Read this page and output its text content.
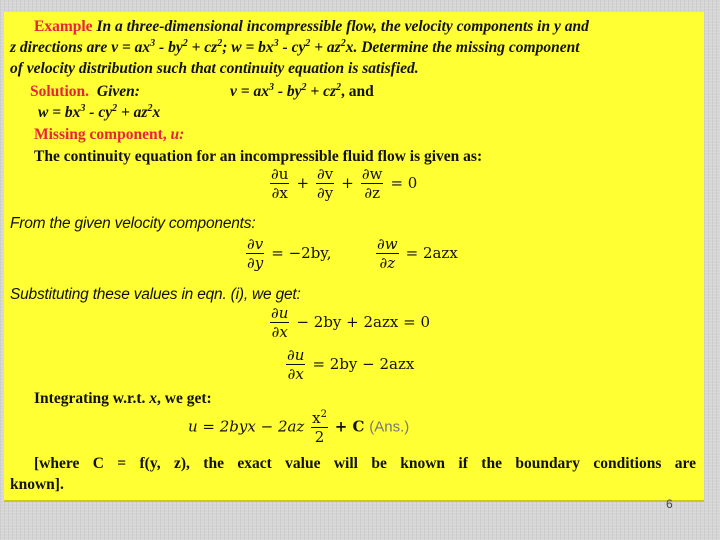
Example In a three-dimensional incompressible flow, the velocity components in y and
z directions are $v = ax^3 - by^2 + cz^2$; $w = bx^3 - cy^2 + az^2x$. Determine the missing component
of velocity distribution such that continuity equation is satisfied.
Solution. Given:	$v = ax^3 - by^2 + cz^2$, and
$w = bx^3 - cy^2 + az^2x$
Missing component, u:
The continuity equation for an incompressible fluid flow is given as:
$\frac{\partial u}{\partial x} + \frac{\partial v}{\partial y} + \frac{\partial w}{\partial z} = 0$
From the given velocity components:
$\frac{\partial v}{\partial y} = -2by$,	$\frac{\partial w}{\partial z} = 2azx$
Substituting these values in eqn. (i), we get:
$\frac{\partial u}{\partial x} - 2by + 2azx = 0$
$\frac{\partial u}{\partial x} = 2by - 2azx$
Integrating w.r.t. x, we get:
$u = 2byx - 2az \frac{x^2}{2} + C$ (Ans.)
[where C = f(y, z), the exact value will be known if the boundary conditions are
known].
6
